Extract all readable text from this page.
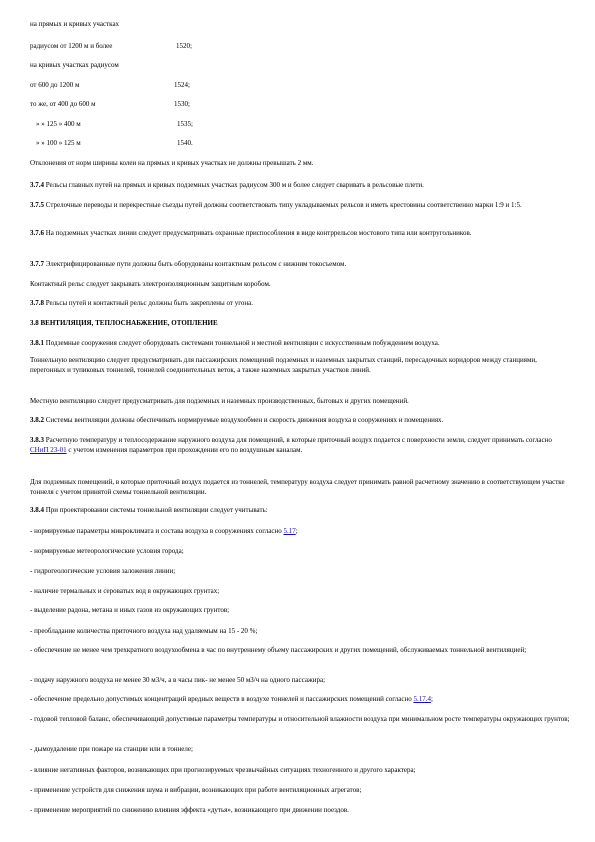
на прямых и кривых участках
радиусом от 1200 м и более	1520;
на кривых участках радиусом
от 600 до 1200 м	1524;
то же, от 400 до 600 м	1530;
» » 125 » 400 м	1535;
» » 100 » 125 м	1540.
Отклонения от норм ширины колеи на прямых и кривых участках не должны превышать 2 мм.
3.7.4 Рельсы главных путей на прямых и кривых подземных участках радиусом 300 м и более следует сваривать в рельсовые плети.
3.7.5 Стрелочные переводы и перекрестные съезды путей должны соответствовать типу укладываемых рельсов и иметь крестовины соответственно марки 1:9 и 1:5.
3.7.6 На подземных участках линии следует предусматривать охранные приспособления в виде контррельсов мостового типа или контругольников.
3.7.7 Электрифицированные пути должны быть оборудованы контактным рельсом с нижним токосъемом.
Контактный рельс следует закрывать электроизоляционным защитным коробом.
3.7.8 Рельсы путей и контактный рельс должны быть закреплены от угона.
3.8 ВЕНТИЛЯЦИЯ, ТЕПЛОСНАБЖЕНИЕ, ОТОПЛЕНИЕ
3.8.1 Подземные сооружения следует оборудовать системами тоннельной и местной вентиляции с искусственным побуждением воздуха.
Тоннельную вентиляцию следует предусматривать для пассажирских помещений подземных и наземных закрытых станций, пересадочных коридоров между станциями, перегонных и тупиковых тоннелей, тоннелей соединительных веток, а также наземных закрытых участков линий.
Местную вентиляцию следует предусматривать для подземных и наземных производственных, бытовых и других помещений.
3.8.2 Системы вентиляции должны обеспечивать нормируемые воздухообмен и скорость движения воздуха в сооружениях и помещениях.
3.8.3 Расчетную температуру и теплосодержание наружного воздуха для помещений, в которые приточный воздух подается с поверхности земли, следует принимать согласно СНиП 23-01 с учетом изменения параметров при прохождении его по воздушным каналам.
Для подземных помещений, в которые приточный воздух подается из тоннелей, температуру воздуха следует принимать равной расчетному значению в соответствующем участке тоннеля с учетом принятой схемы тоннельной вентиляции.
3.8.4 При проектировании системы тоннельной вентиляции следует учитывать:
- нормируемые параметры микроклимата и состава воздуха в сооружениях согласно 5.17;
- нормируемые метеорологические условия города;
- гидрогеологические условия заложения линии;
- наличие термальных и сероватых вод в окружающих грунтах;
- выделение радона, метана и иных газов из окружающих грунтов;
- преобладание количества приточного воздуха над удаляемым на 15 - 20 %;
- обеспечение не менее чем трехкратного воздухообмена в час по внутреннему объему пассажирских и других помещений, обслуживаемых тоннельной вентиляцией;
- подачу наружного воздуха не менее 30 м3/ч, а в часы пик- не менее 50 м3/ч на одного пассажира;
- обеспечение предельно допустимых концентраций вредных веществ в воздухе тоннелей и пассажирских помещений согласно 5.17.4;
- годовой тепловой баланс, обеспечивающий допустимые параметры температуры и относительной влажности воздуха при минимальном росте температуры окружающих грунтов;
- дымоудаление при пожаре на станции или в тоннеле;
- влияние негативных факторов, возникающих при прогнозируемых чрезвычайных ситуациях техногенного и другого характера;
- применение устройств для снижения шума и вибрации, возникающих при работе вентиляционных агрегатов;
- применение мероприятий по снижению влияния эффекта «дутья», возникающего при движении поездов.
